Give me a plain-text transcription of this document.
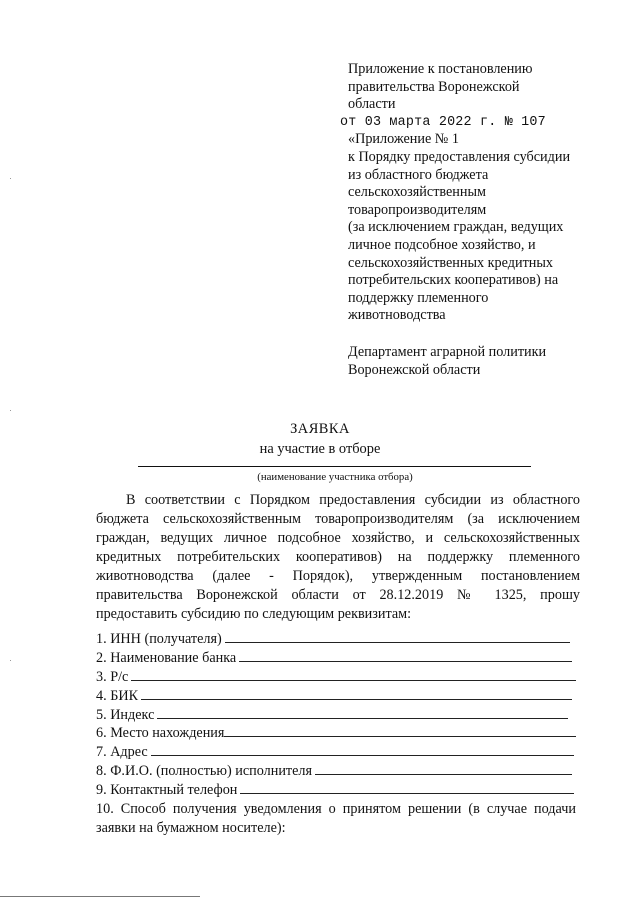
Приложение к постановлению
правительства Воронежской
области
от 03 марта 2022 г. № 107
«Приложение № 1
к Порядку предоставления субсидии
из областного бюджета
сельскохозяйственным
товаропроизводителям
(за исключением граждан, ведущих
личное подсобное хозяйство, и
сельскохозяйственных кредитных
потребительских кооперативов) на
поддержку племенного
животноводства
Департамент аграрной политики
Воронежской области
ЗАЯВКА
на участие в отборе
(наименование участника отбора)
В соответствии с Порядком предоставления субсидии из областного
бюджета сельскохозяйственным товаропроизводителям (за исключением
граждан, ведущих личное подсобное хозяйство, и сельскохозяйственных
кредитных потребительских кооперативов) на поддержку племенного
животноводства (далее - Порядок), утвержденным постановлением
правительства Воронежской области от 28.12.2019 № 1325, прошу
предоставить субсидию по следующим реквизитам:
1. ИНН (получателя)
2. Наименование банка
3. Р/с
4. БИК
5. Индекс
6. Место нахождения
7. Адрес
8. Ф.И.О. (полностью) исполнителя
9. Контактный телефон
10. Способ получения уведомления о принятом решении (в случае подачи
заявки на бумажном носителе):
